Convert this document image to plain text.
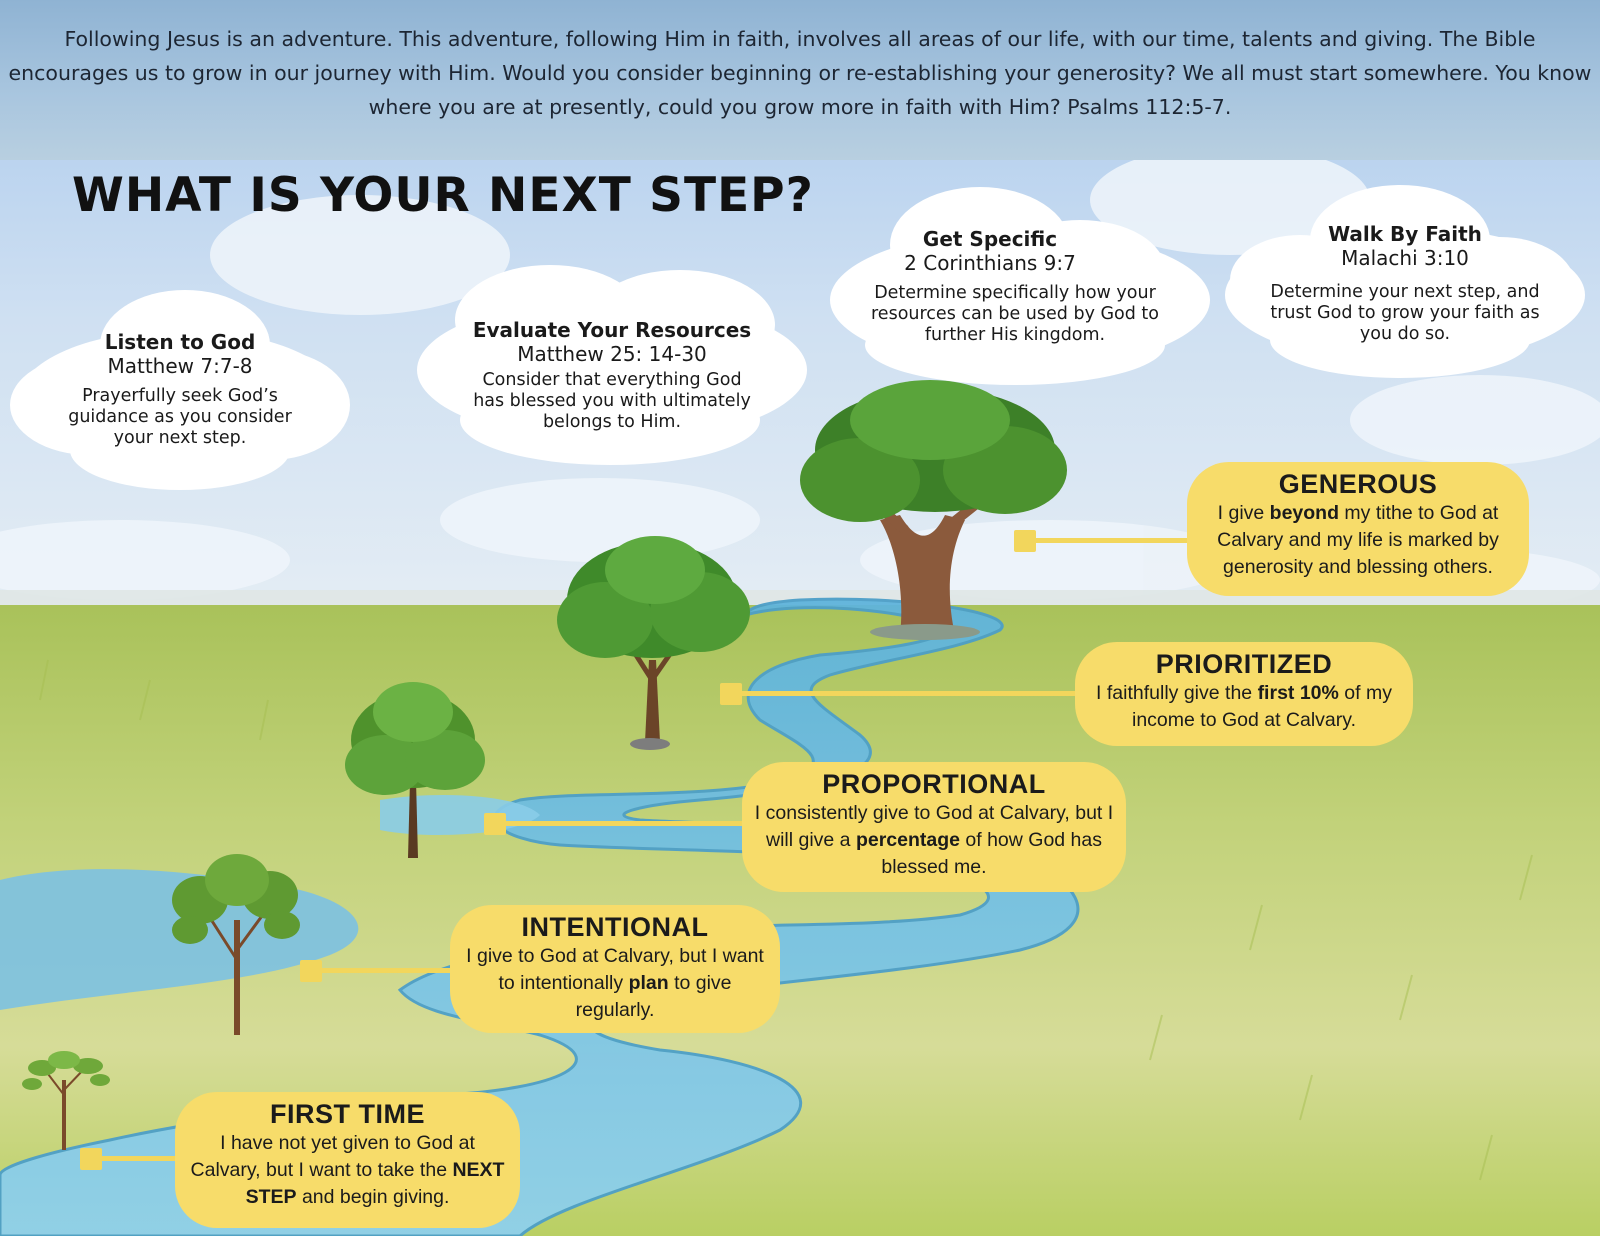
Following Jesus is an adventure. This adventure, following Him in faith, involves all areas of our life, with our time, talents and giving. The Bible encourages us to grow in our journey with Him. Would you consider beginning or re-establishing your generosity? We all must start somewhere. You know where you are at presently, could you grow more in faith with Him? Psalms 112:5-7.
WHAT IS YOUR NEXT STEP?
Listen to God
Matthew 7:7-8
Prayerfully seek God’s guidance as you consider your next step.
Evaluate Your Resources
Matthew 25: 14-30
Consider that everything God has blessed you with ultimately belongs to Him.
Get Specific
2 Corinthians 9:7
Determine specifically how your resources can be used by God to further His kingdom.
Walk By Faith
Malachi 3:10
Determine your next step, and trust God to grow your faith as you do so.
GENEROUS
I give beyond my tithe to God at Calvary and my life is marked by generosity and blessing others.
PRIORITIZED
I faithfully give the first 10% of my income to God at Calvary.
PROPORTIONAL
I consistently give to God at Calvary, but I will give a percentage of how God has blessed me.
INTENTIONAL
I give to God at Calvary, but I want to intentionally plan to give regularly.
FIRST TIME
I have not yet given to God at Calvary, but I want to take the NEXT STEP and begin giving.
